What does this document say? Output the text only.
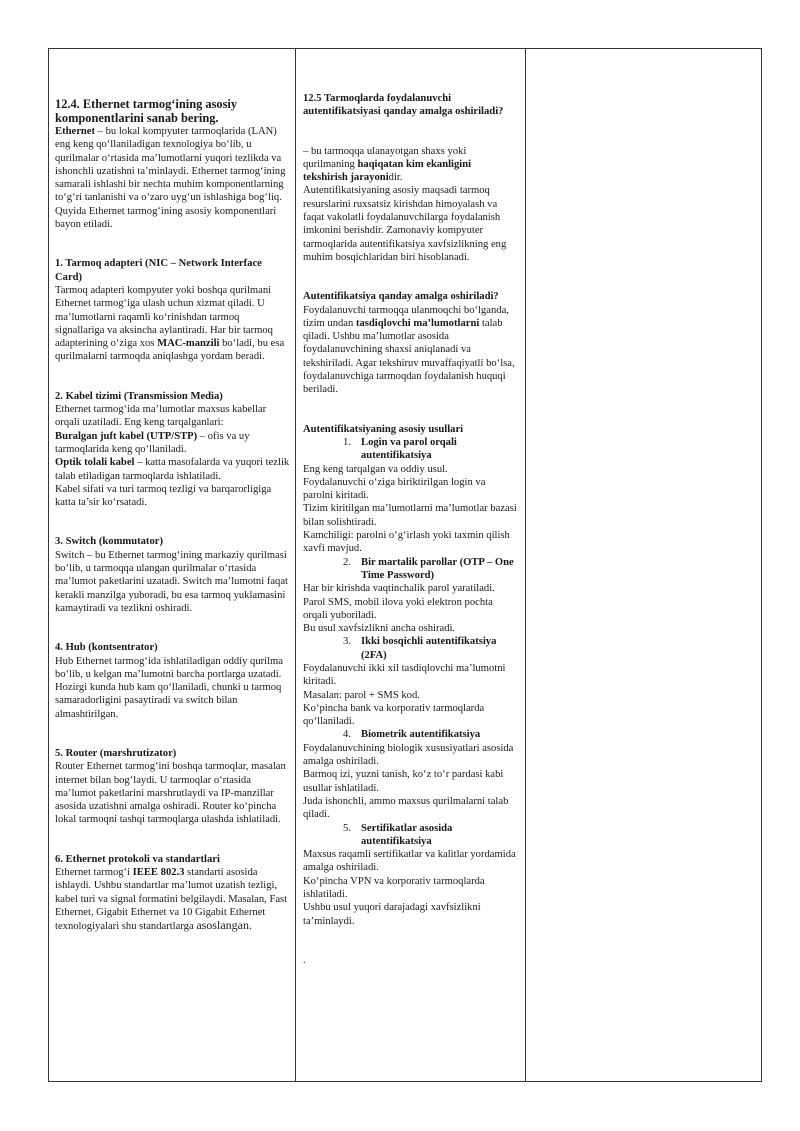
12.4. Ethernet tarmog‘ining asosiy komponentlarini sanab bering.

Ethernet – bu lokal kompyuter tarmoqlarida (LAN) eng keng qo‘llaniladigan texnologiya bo‘lib, u qurilmalar o‘rtasida ma’lumotlarni yuqori tezlikda va ishonchli uzatishni ta’minlaydi. Ethernet tarmog‘ining samarali ishlashi bir nechta muhim komponentlarning to‘g‘ri tanlanishi va o‘zaro uyg‘un ishlashiga bog‘liq.

Quyida Ethernet tarmog‘ining asosiy komponentlari bayon etiladi.

1. Tarmoq adapteri (NIC – Network Interface Card)

Tarmoq adapteri kompyuter yoki boshqa qurilmani Ethernet tarmog‘iga ulash uchun xizmat qiladi. U ma’lumotlarni raqamli ko‘rinishdan tarmoq signallariga va aksincha aylantiradi. Har bir tarmoq adapterining o‘ziga xos MAC-manzili bo‘ladi, bu esa qurilmalarni tarmoqda aniqlashga yordam beradi.

2. Kabel tizimi (Transmission Media)

Ethernet tarmog‘ida ma’lumotlar maxsus kabellar orqali uzatiladi. Eng keng tarqalganlari:

Buralgan juft kabel (UTP/STP) – ofis va uy tarmoqlarida keng qo‘llaniladi.

Optik tolali kabel – katta masofalarda va yuqori tezlik talab etiladigan tarmoqlarda ishlatiladi.

Kabel sifati va turi tarmoq tezligi va barqarorligiga katta ta’sir ko‘rsatadi.

3. Switch (kommutator)

Switch – bu Ethernet tarmog‘ining markaziy qurilmasi bo‘lib, u tarmoqqa ulangan qurilmalar o‘rtasida ma’lumot paketlarini uzatadi. Switch ma’lumotni faqat kerakli manzilga yuboradi, bu esa tarmoq yuklamasini kamaytiradi va tezlikni oshiradi.

4. Hub (kontsentrator)

Hub Ethernet tarmog‘ida ishlatiladigan oddiy qurilma bo‘lib, u kelgan ma’lumotni barcha portlarga uzatadi. Hozirgi kunda hub kam qo‘llaniladi, chunki u tarmoq samaradorligini pasaytiradi va switch bilan almashtirilgan.

5. Router (marshrutizator)

Router Ethernet tarmog‘ini boshqa tarmoqlar, masalan internet bilan bog‘laydi. U tarmoqlar o‘rtasida ma’lumot paketlarini marshrutlaydi va IP-manzillar asosida uzatishni amalga oshiradi. Router ko‘pincha lokal tarmoqni tashqi tarmoqlarga ulashda ishlatiladi.

6. Ethernet protokoli va standartlari

Ethernet tarmog‘i IEEE 802.3 standarti asosida ishlaydi. Ushbu standartlar ma’lumot uzatish tezligi, kabel turi va signal formatini belgilaydi. Masalan, Fast Ethernet, Gigabit Ethernet va 10 Gigabit Ethernet texnologiyalari shu standartlarga asoslangan.

12.5 Tarmoqlarda foydalanuvchi autentifikatsiyasi qanday amalga oshiriladi?

– bu tarmoqqa ulanayotgan shaxs yoki qurilmaning haqiqatan kim ekanligini tekshirish jarayonidir.

Autentifikatsiyaning asosiy maqsadi tarmoq resurslarini ruxsatsiz kirishdan himoyalash va faqat vakolatli foydalanuvchilarga foydalanish imkonini berishdir. Zamonaviy kompyuter tarmoqlarida autentifikatsiya xavfsizlikning eng muhim bosqichlaridan biri hisoblanadi.

Autentifikatsiya qanday amalga oshiriladi?

Foydalanuvchi tarmoqqa ulanmoqchi bo‘lganda, tizim undan tasdiqlovchi ma’lumotlarni talab qiladi. Ushbu ma’lumotlar asosida foydalanuvchining shaxsi aniqlanadi va tekshiriladi. Agar tekshiruv muvaffaqiyatli bo‘lsa, foydalanuvchiga tarmoqdan foydalanish huquqi beriladi.

Autentifikatsiyaning asosiy usullari

1. Login va parol orqali autentifikatsiya

Eng keng tarqalgan va oddiy usul.

Foydalanuvchi o‘ziga biriktirilgan login va parolni kiritadi.

Tizim kiritilgan ma’lumotlarni ma’lumotlar bazasi bilan solishtiradi.

Kamchiligi: parolni o‘g‘irlash yoki taxmin qilish xavfi mavjud.

2. Bir martalik parollar (OTP – One Time Password)

Har bir kirishda vaqtinchalik parol yaratiladi.

Parol SMS, mobil ilova yoki elektron pochta orqali yuboriladi.

Bu usul xavfsizlikni ancha oshiradi.

3. Ikki bosqichli autentifikatsiya (2FA)

Foydalanuvchi ikki xil tasdiqlovchi ma’lumotni kiritadi.

Masalan: parol + SMS kod.

Ko‘pincha bank va korporativ tarmoqlarda qo‘llaniladi.

4. Biometrik autentifikatsiya

Foydalanuvchining biologik xususiyatlari asosida amalga oshiriladi.

Barmoq izi, yuzni tanish, ko‘z to‘r pardasi kabi usullar ishlatiladi.

Juda ishonchli, ammo maxsus qurilmalarni talab qiladi.

5. Sertifikatlar asosida autentifikatsiya

Maxsus raqamli sertifikatlar va kalitlar yordamida amalga oshiriladi.

Ko‘pincha VPN va korporativ tarmoqlarda ishlatiladi.

Ushbu usul yuqori darajadagi xavfsizlikni ta’minlaydi.

.
